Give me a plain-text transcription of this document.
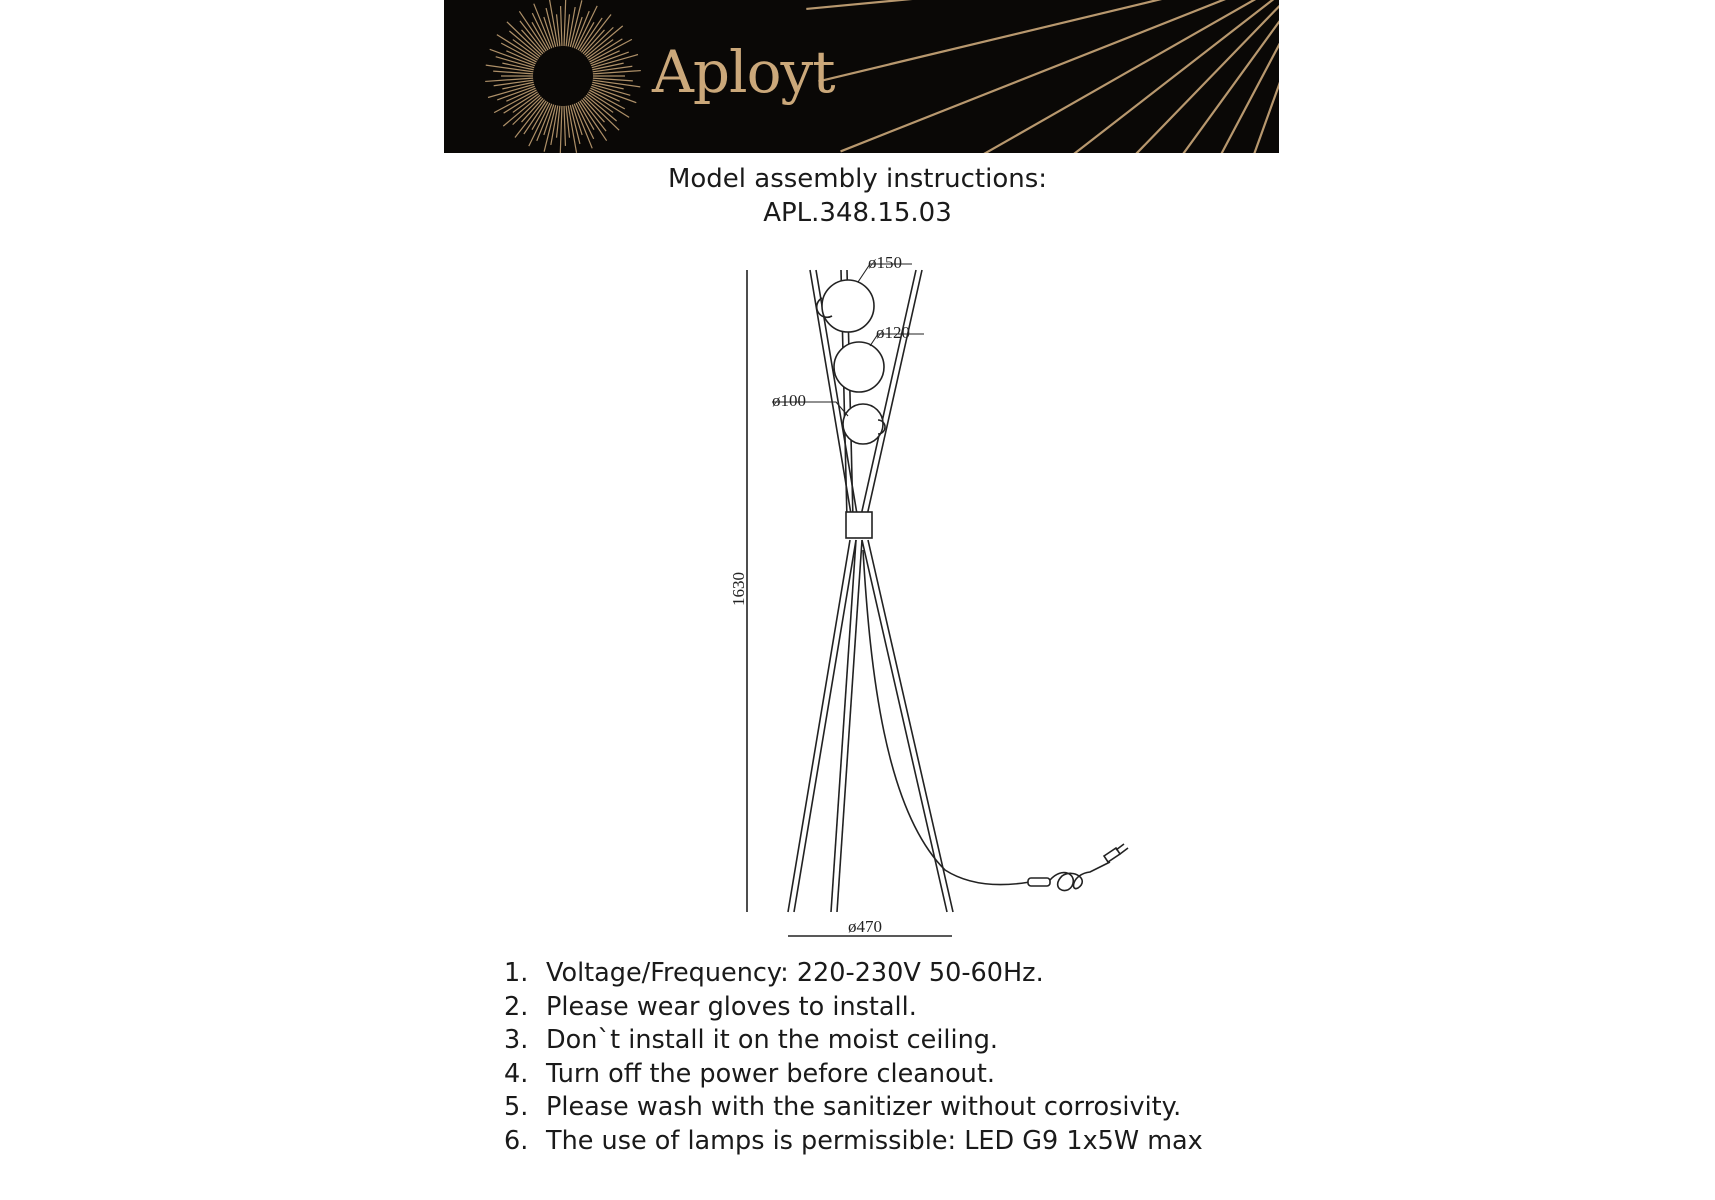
Aployt
Model assembly instructions:
APL.348.15.03
ø150
ø120
ø100
ø470
1630
1. Voltage/Frequency: 220-230V 50-60Hz.
2. Please wear gloves to install.
3. Don`t install it on the moist ceiling.
4. Turn off the power before cleanout.
5. Please wash with the sanitizer without corrosivity.
6. The use of lamps is permissible: LED G9 1x5W max
